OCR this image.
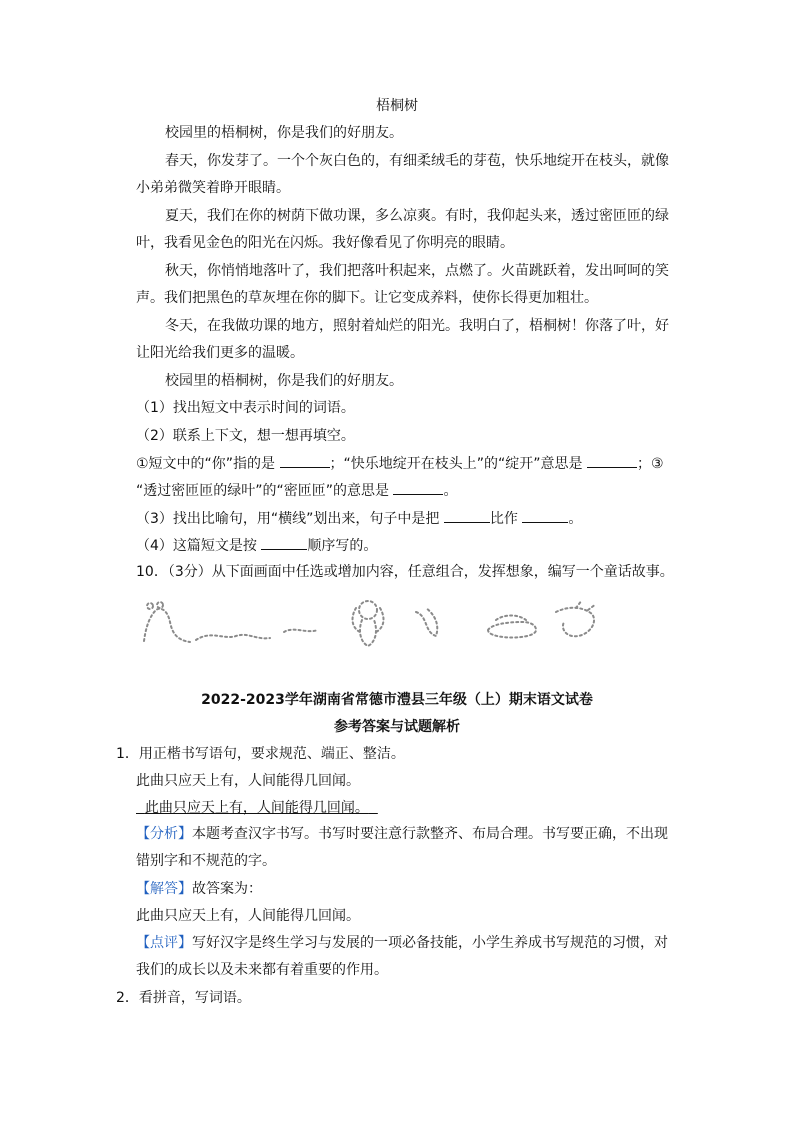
梧桐树
校园里的梧桐树，你是我们的好朋友。
春天，你发芽了。一个个灰白色的，有细柔绒毛的芽苞，快乐地绽开在枝头，就像
小弟弟微笑着睁开眼睛。
夏天，我们在你的树荫下做功课，多么凉爽。有时，我仰起头来，透过密匝匝的绿
叶，我看见金色的阳光在闪烁。我好像看见了你明亮的眼睛。
秋天，你悄悄地落叶了，我们把落叶积起来，点燃了。火苗跳跃着，发出呵呵的笑
声。我们把黑色的草灰埋在你的脚下。让它变成养料，使你长得更加粗壮。
冬天，在我做功课的地方，照射着灿烂的阳光。我明白了，梧桐树！你落了叶，好
让阳光给我们更多的温暖。
校园里的梧桐树，你是我们的好朋友。
（1）找出短文中表示时间的词语。
（2）联系上下文，想一想再填空。
①短文中的“你”指的是	；“快乐地绽开在枝头上”的“绽开”意思是	；③
“透过密匝匝的绿叶”的“密匝匝”的意思是	。
（3）找出比喻句，用“横线”划出来，句子中是把	比作	。
（4）这篇短文是按	顺序写的。
10．（3分）从下面画面中任选或增加内容，任意组合，发挥想象，编写一个童话故事。
2022-2023学年湖南省常德市澧县三年级（上）期末语文试卷
参考答案与试题解析
1．用正楷书写语句，要求规范、端正、整洁。
此曲只应天上有，人间能得几回闻。
此曲只应天上有，人间能得几回闻。
【分析】本题考查汉字书写。书写时要注意行款整齐、布局合理。书写要正确，不出现
错别字和不规范的字。
【解答】故答案为：
此曲只应天上有，人间能得几回闻。
【点评】写好汉字是终生学习与发展的一项必备技能，小学生养成书写规范的习惯，对
我们的成长以及未来都有着重要的作用。
2．看拼音，写词语。
